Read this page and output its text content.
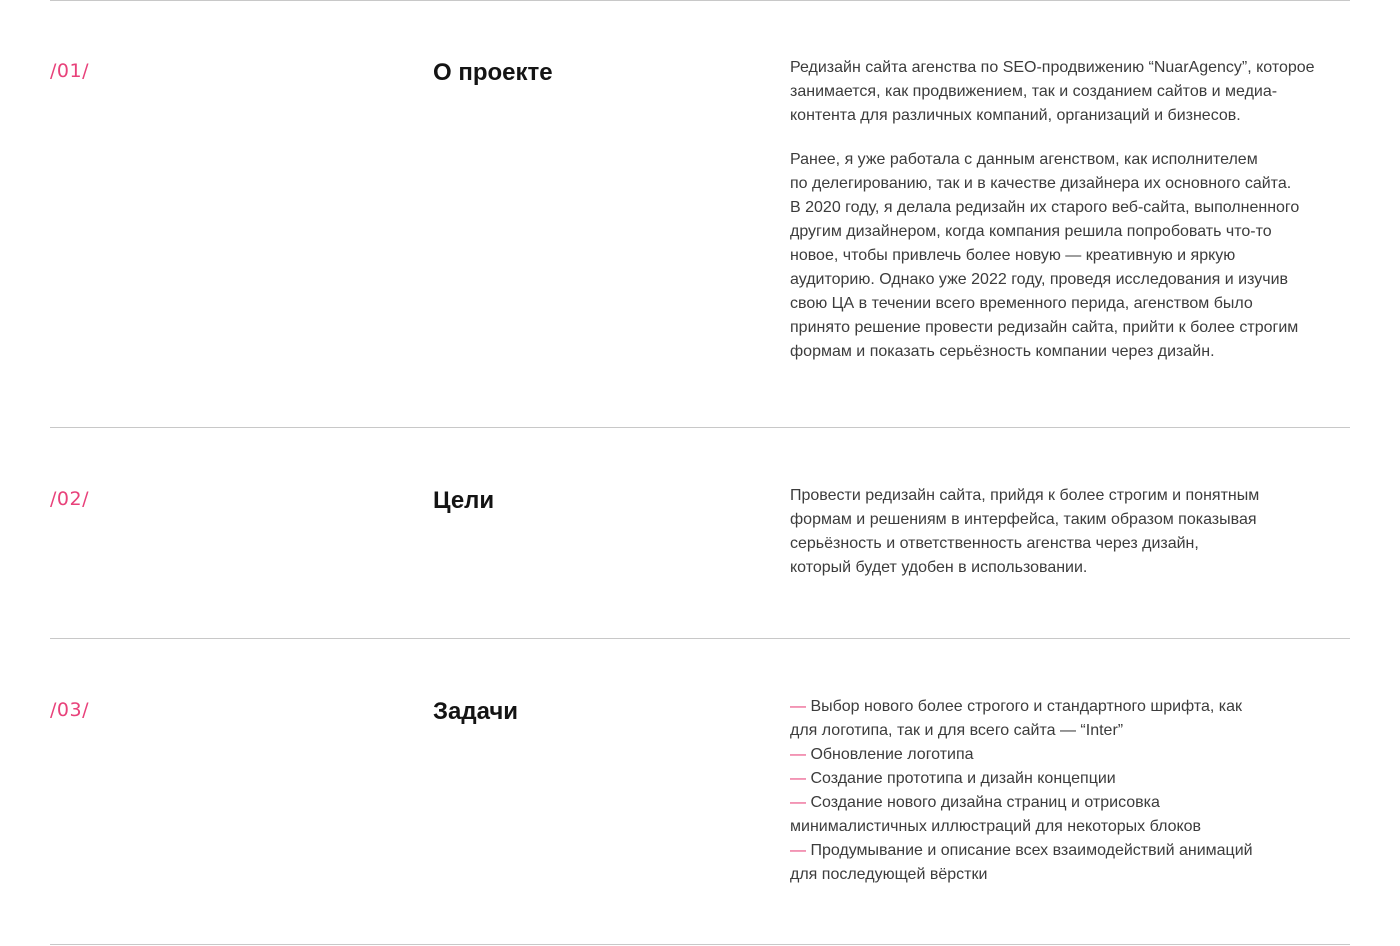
/01/	О проекте	Редизайн сайта агенства по SEO-продвижению “NuarAgency”, которое
занимается, как продвижением, так и созданием сайтов и медиа-
контента для различных компаний, организаций и бизнесов.

Ранее, я уже работала с данным агенством, как исполнителем
по делегированию, так и в качестве дизайнера их основного сайта.
В 2020 году, я делала редизайн их старого веб-сайта, выполненного
другим дизайнером, когда компания решила попробовать что-то
новое, чтобы привлечь более новую — креативную и яркую
аудиторию. Однако уже 2022 году, проведя исследования и изучив
свою ЦА в течении всего временного перида, агенством было
принято решение провести редизайн сайта, прийти к более строгим
формам и показать серьёзность компании через дизайн.

/02/	Цели	Провести редизайн сайта, прийдя к более строгим и понятным
формам и решениям в интерфейса, таким образом показывая
серьёзность и ответственность агенства через дизайн,
который будет удобен в использовании.

/03/	Задачи	— Выбор нового более строгого и стандартного шрифта, как
для логотипа, так и для всего сайта — “Inter”
— Обновление логотипа
— Создание прототипа и дизайн концепции
— Создание нового дизайна страниц и отрисовка
минималистичных иллюстраций для некоторых блоков
— Продумывание и описание всех взаимодействий анимаций
для последующей вёрстки
